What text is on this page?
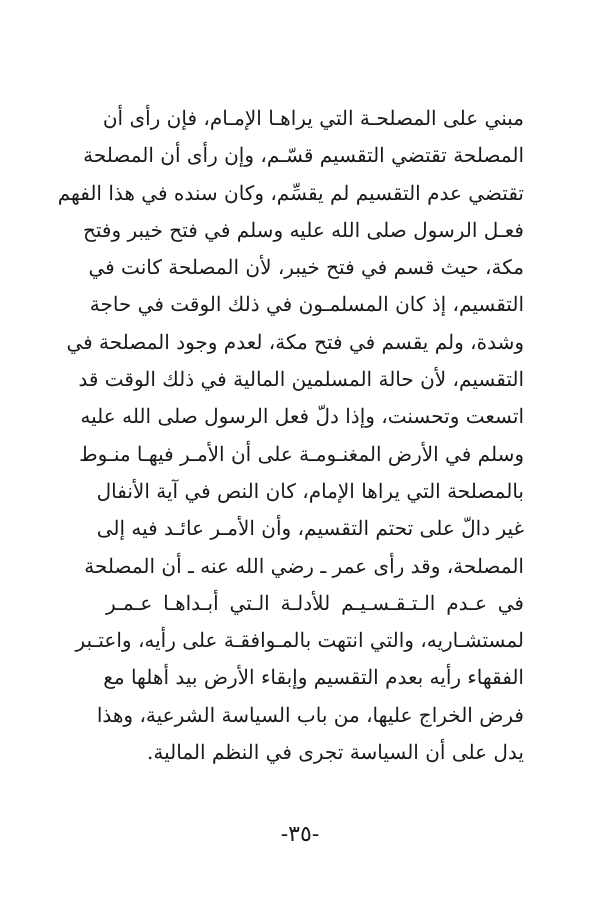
مبني على المصلحـة التي يراهـا الإمـام، فإن رأى أن
المصلحة تقتضي التقسيم قسّـم، وإن رأى أن المصلحة
تقتضي عدم التقسيم لم يقسِّم، وكان سنده في هذا الفهم
فعـل الرسول صلى الله عليه وسلم في فتح خيبر وفتح
مكة، حيث قسم في فتح خيبر، لأن المصلحة كانت في
التقسيم، إذ كان المسلمـون في ذلك الوقت في حاجة
وشدة، ولم يقسم في فتح مكة، لعدم وجود المصلحة في
التقسيم، لأن حالة المسلمين المالية في ذلك الوقت قد
اتسعت وتحسنت، وإذا دلّ فعل الرسول صلى الله عليه
وسلم في الأرض المغنـومـة على أن الأمـر فيهـا منـوط
بالمصلحة التي يراها الإمام، كان النص في آية الأنفال
غير دالّ على تحتم التقسيم، وأن الأمـر عائـد فيه إلى
المصلحة، وقد رأى عمر ـ رضي الله عنه ـ أن المصلحة
في عـدم الـتـقـسـيـم للأدلـة الـتي أبـداهـا عـمـر
لمستشـاريه، والتي انتهت بالمـوافقـة على رأيه، واعتـبر
الفقهاء رأيه بعدم التقسيم وإبقاء الأرض بيد أهلها مع
فرض الخراج عليها، من باب السياسة الشرعية، وهذا
يدل على أن السياسة تجرى في النظم المالية.
-٣٥-
